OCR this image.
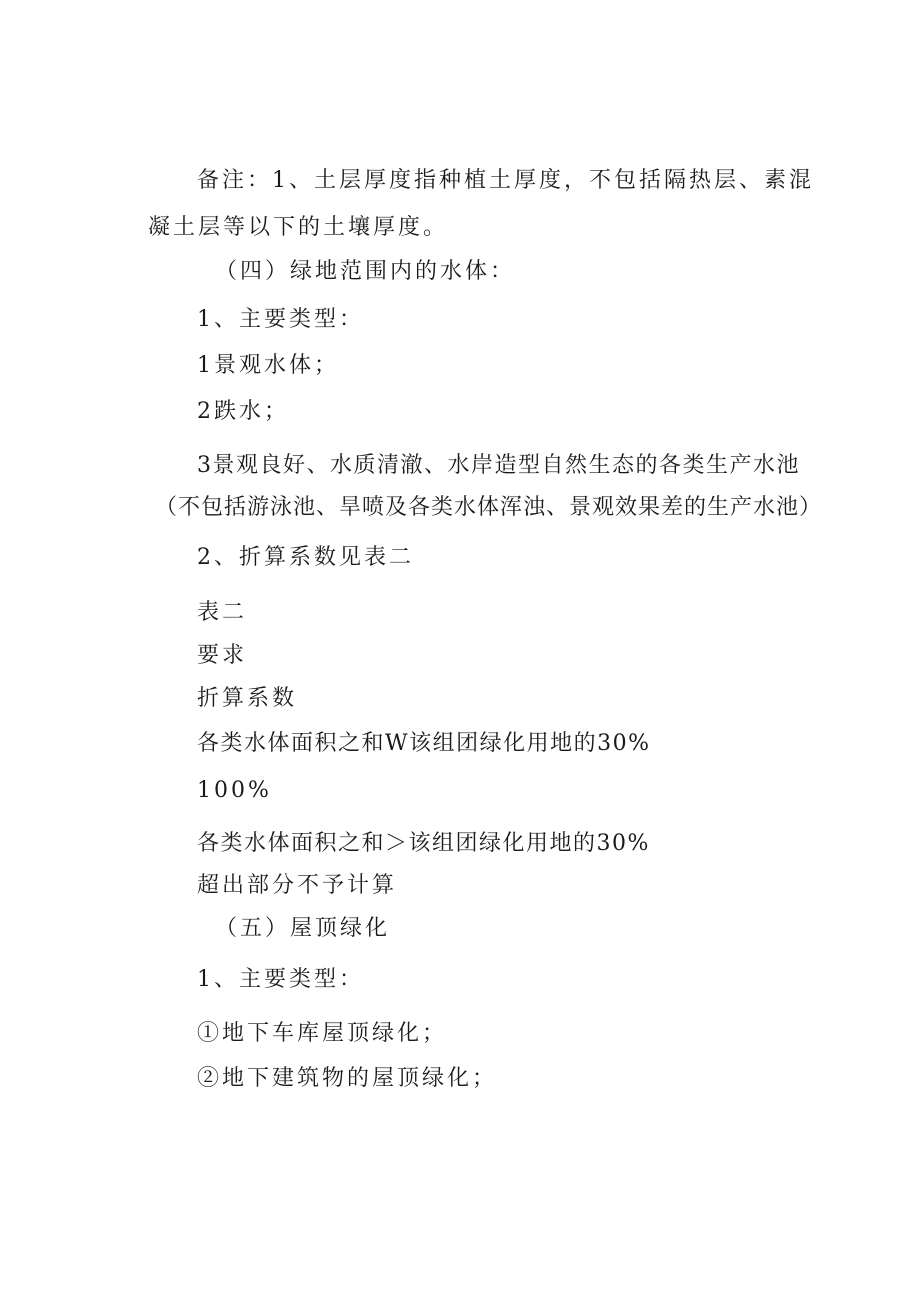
备注：1、土层厚度指种植土厚度，不包括隔热层、素混
凝土层等以下的土壤厚度。
（四）绿地范围内的水体：
1、主要类型：
1景观水体；
2跌水；
3景观良好、水质清澈、水岸造型自然生态的各类生产水池
（不包括游泳池、旱喷及各类水体浑浊、景观效果差的生产水池）
2、折算系数见表二
表二
要求
折算系数
各类水体面积之和W该组团绿化用地的30%
100%
各类水体面积之和＞该组团绿化用地的30%
超出部分不予计算
（五）屋顶绿化
1、主要类型：
①地下车库屋顶绿化；
②地下建筑物的屋顶绿化；
